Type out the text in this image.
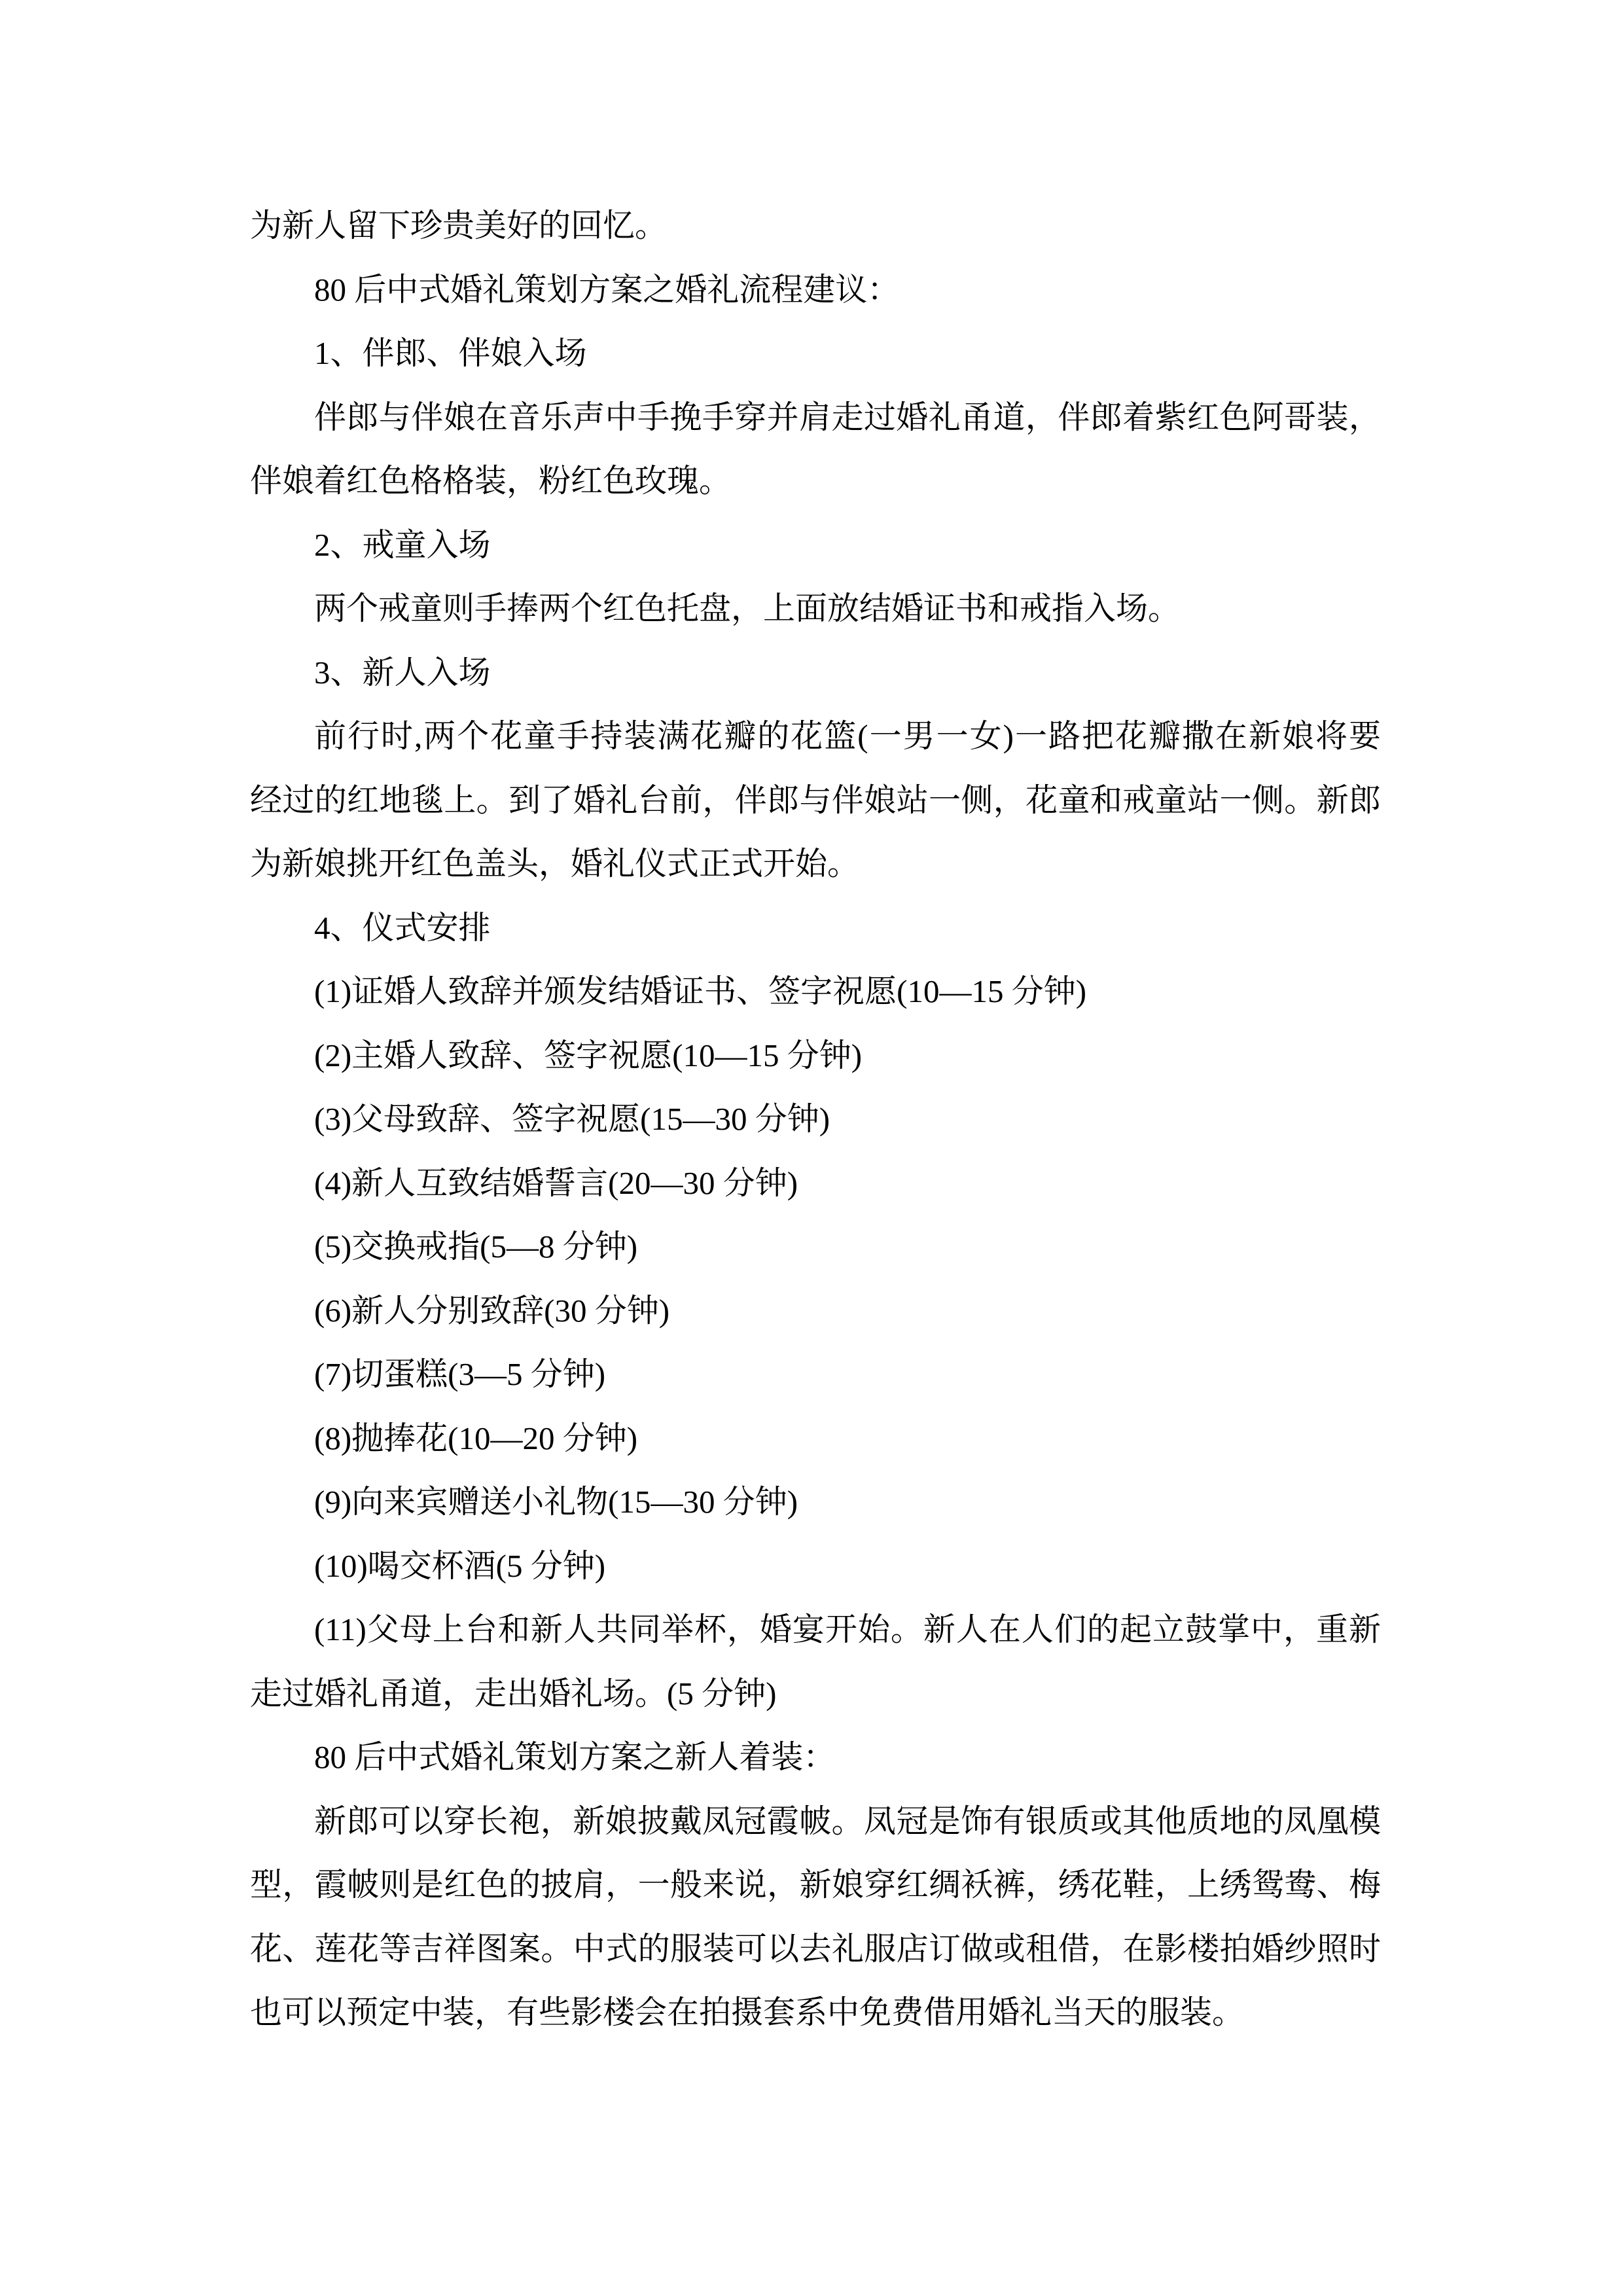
为新人留下珍贵美好的回忆。
80 后中式婚礼策划方案之婚礼流程建议：
1、伴郎、伴娘入场
伴郎与伴娘在音乐声中手挽手穿并肩走过婚礼甬道，伴郎着紫红色阿哥装，
伴娘着红色格格装，粉红色玫瑰。
2、戒童入场
两个戒童则手捧两个红色托盘，上面放结婚证书和戒指入场。
3、新人入场
前行时,两个花童手持装满花瓣的花篮(一男一女)一路把花瓣撒在新娘将要
经过的红地毯上。到了婚礼台前，伴郎与伴娘站一侧，花童和戒童站一侧。新郎
为新娘挑开红色盖头，婚礼仪式正式开始。
4、仪式安排
(1)证婚人致辞并颁发结婚证书、签字祝愿(10—15 分钟)
(2)主婚人致辞、签字祝愿(10—15 分钟)
(3)父母致辞、签字祝愿(15—30 分钟)
(4)新人互致结婚誓言(20—30 分钟)
(5)交换戒指(5—8 分钟)
(6)新人分别致辞(30 分钟)
(7)切蛋糕(3—5 分钟)
(8)抛捧花(10—20 分钟)
(9)向来宾赠送小礼物(15—30 分钟)
(10)喝交杯酒(5 分钟)
(11)父母上台和新人共同举杯，婚宴开始。新人在人们的起立鼓掌中，重新
走过婚礼甬道，走出婚礼场。(5 分钟)
80 后中式婚礼策划方案之新人着装：
新郎可以穿长袍，新娘披戴凤冠霞帔。凤冠是饰有银质或其他质地的凤凰模
型，霞帔则是红色的披肩，一般来说，新娘穿红绸袄裤，绣花鞋，上绣鸳鸯、梅
花、莲花等吉祥图案。中式的服装可以去礼服店订做或租借，在影楼拍婚纱照时
也可以预定中装，有些影楼会在拍摄套系中免费借用婚礼当天的服装。
